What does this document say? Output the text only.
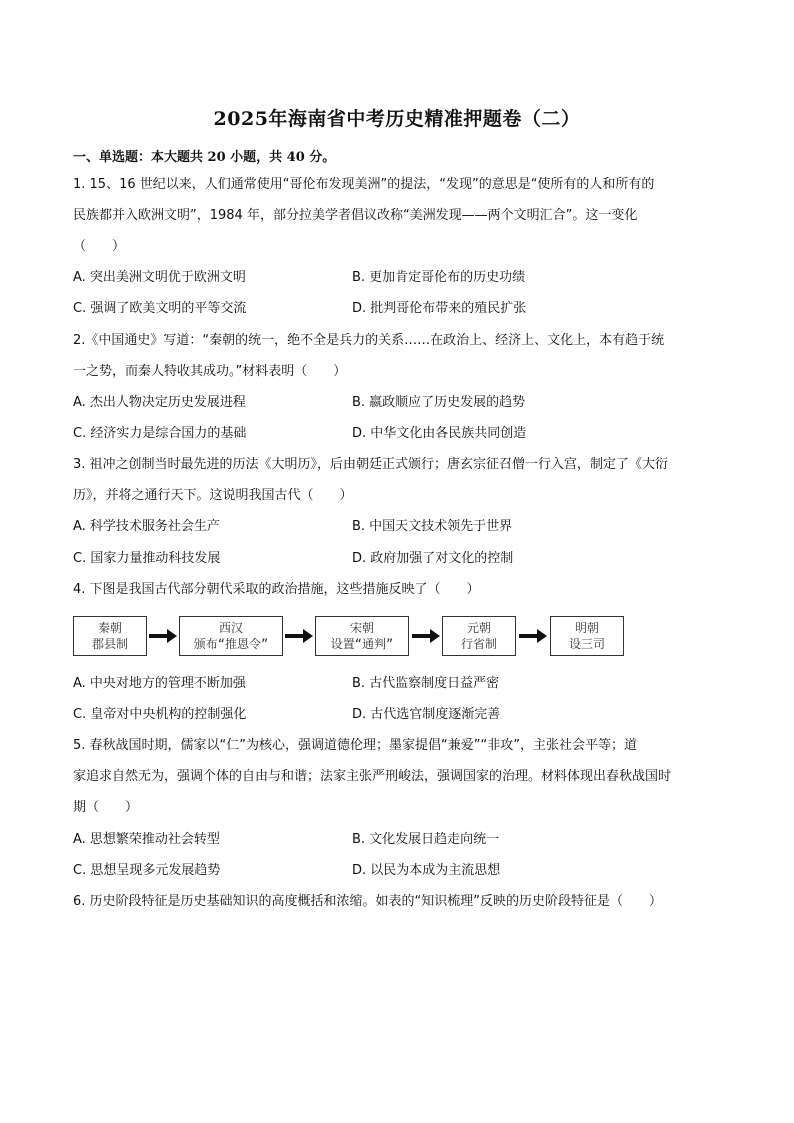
2025年海南省中考历史精准押题卷（二）
一、单选题：本大题共 20 小题，共 40 分。
1. 15、16 世纪以来，人们通常使用“哥伦布发现美洲”的提法，“发现”的意思是“使所有的人和所有的
民族都并入欧洲文明”，1984 年，部分拉美学者倡议改称“美洲发现——两个文明汇合”。这一变化
（　　）
A. 突出美洲文明优于欧洲文明	B. 更加肯定哥伦布的历史功绩
C. 强调了欧美文明的平等交流	D. 批判哥伦布带来的殖民扩张
2.《中国通史》写道：“秦朝的统一，绝不全是兵力的关系……在政治上、经济上、文化上，本有趋于统
一之势，而秦人特收其成功。”材料表明（　　）
A. 杰出人物决定历史发展进程	B. 嬴政顺应了历史发展的趋势
C. 经济实力是综合国力的基础	D. 中华文化由各民族共同创造
3. 祖冲之创制当时最先进的历法《大明历》，后由朝廷正式颁行；唐玄宗征召僧一行入宫，制定了《大衍
历》，并将之通行天下。这说明我国古代（　　）
A. 科学技术服务社会生产	B. 中国天文技术领先于世界
C. 国家力量推动科技发展	D. 政府加强了对文化的控制
4. 下图是我国古代部分朝代采取的政治措施，这些措施反映了（　　）
秦朝
郡县制
西汉
颁布“推恩令”
宋朝
设置“通判”
元朝
行省制
明朝
设三司
A. 中央对地方的管理不断加强	B. 古代监察制度日益严密
C. 皇帝对中央机构的控制强化	D. 古代选官制度逐渐完善
5. 春秋战国时期，儒家以“仁”为核心，强调道德伦理；墨家提倡“兼爱”“非攻”，主张社会平等；道
家追求自然无为，强调个体的自由与和谐；法家主张严刑峻法，强调国家的治理。材料体现出春秋战国时
期（　　）
A. 思想繁荣推动社会转型	B. 文化发展日趋走向统一
C. 思想呈现多元发展趋势	D. 以民为本成为主流思想
6. 历史阶段特征是历史基础知识的高度概括和浓缩。如表的“知识梳理”反映的历史阶段特征是（　　）
